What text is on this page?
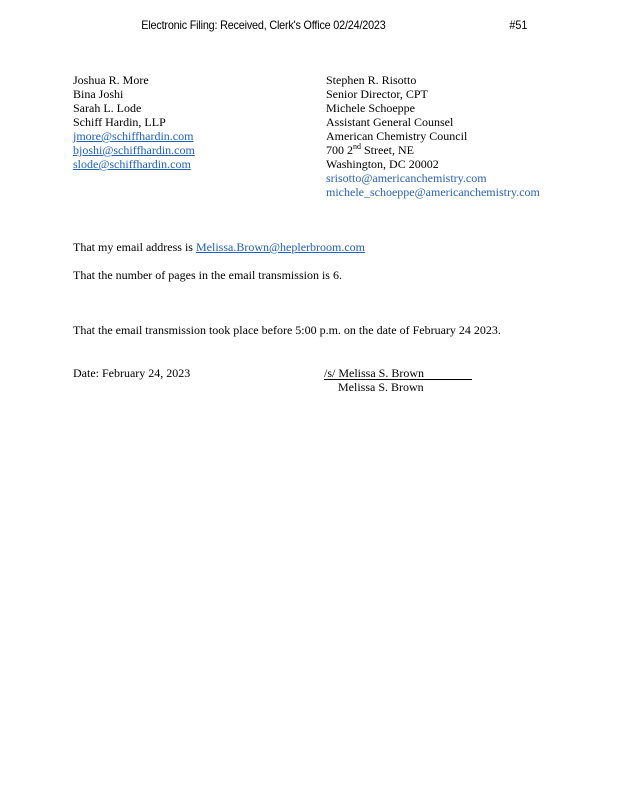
Electronic Filing: Received, Clerk's Office 02/24/2023	#51
Joshua R. More
Bina Joshi
Sarah L. Lode
Schiff Hardin, LLP
jmore@schiffhardin.com
bjoshi@schiffhardin.com
slode@schiffhardin.com
Stephen R. Risotto
Senior Director, CPT
Michele Schoeppe
Assistant General Counsel
American Chemistry Council
700 2nd Street, NE
Washington, DC 20002
srisotto@americanchemistry.com
michele_schoeppe@americanchemistry.com
That my email address is Melissa.Brown@heplerbroom.com
That the number of pages in the email transmission is 6.
That the email transmission took place before 5:00 p.m. on the date of February 24 2023.
Date: February 24, 2023	/s/ Melissa S. Brown
Melissa S. Brown
